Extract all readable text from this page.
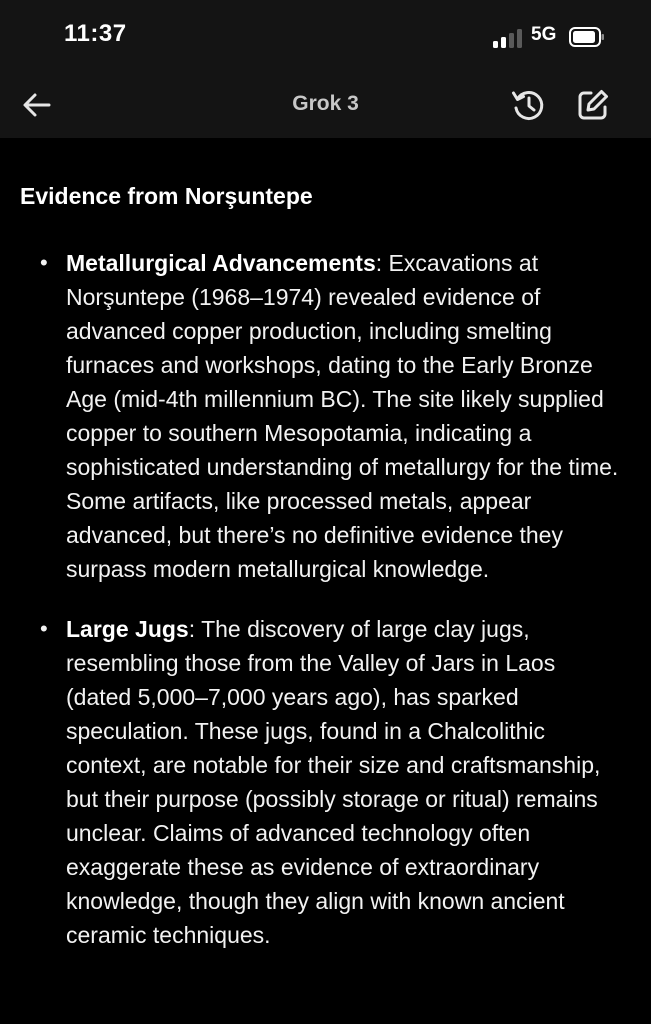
11:37	5G
Grok 3
Evidence from Norşuntepe
• Metallurgical Advancements: Excavations at Norşuntepe (1968–1974) revealed evidence of advanced copper production, including smelting furnaces and workshops, dating to the Early Bronze Age (mid-4th millennium BC). The site likely supplied copper to southern Mesopotamia, indicating a sophisticated understanding of metallurgy for the time. Some artifacts, like processed metals, appear advanced, but there’s no definitive evidence they surpass modern metallurgical knowledge.
• Large Jugs: The discovery of large clay jugs, resembling those from the Valley of Jars in Laos (dated 5,000–7,000 years ago), has sparked speculation. These jugs, found in a Chalcolithic context, are notable for their size and craftsmanship, but their purpose (possibly storage or ritual) remains unclear. Claims of advanced technology often exaggerate these as evidence of extraordinary knowledge, though they align with known ancient ceramic techniques.
